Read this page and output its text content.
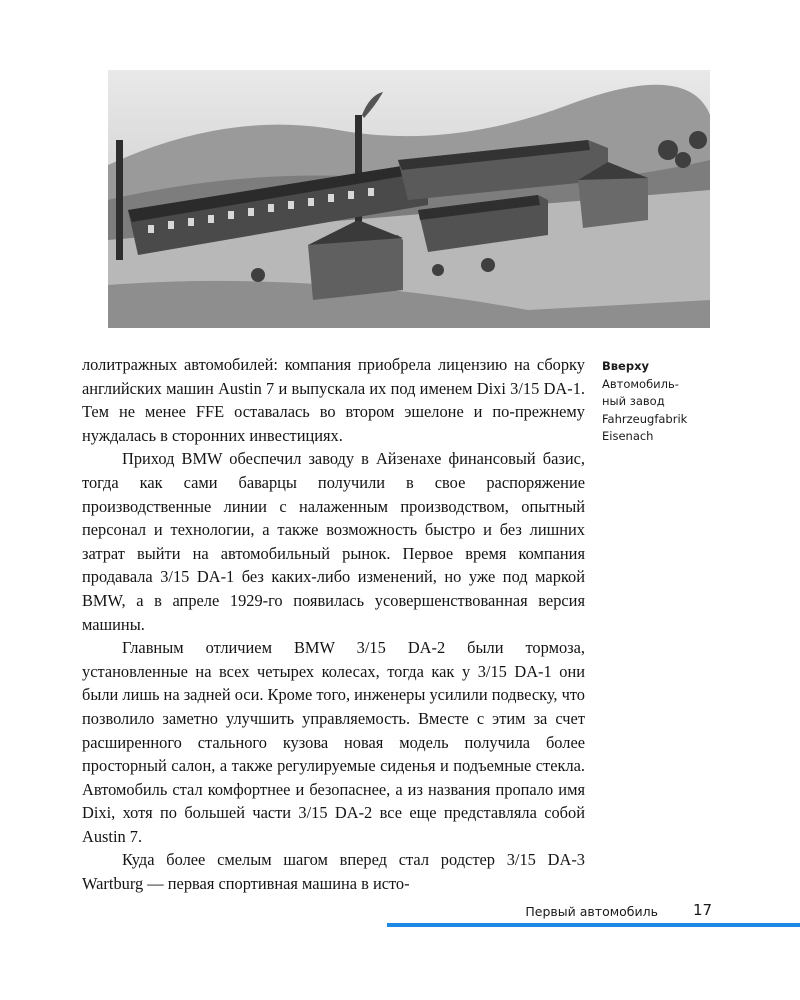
лолитражных автомобилей: компания приобрела лицензию на сборку английских машин Austin 7 и выпускала их под именем Dixi 3/15 DA-1. Тем не менее FFE оставалась во втором эшелоне и по-прежнему нуждалась в сторонних инвестициях.

Приход BMW обеспечил заводу в Айзенахе финансовый базис, тогда как сами баварцы получили в свое распоряжение производственные линии с налаженным производством, опытный персонал и технологии, а также возможность быстро и без лишних затрат выйти на автомобильный рынок. Первое время компания продавала 3/15 DA-1 без каких-либо изменений, но уже под маркой BMW, а в апреле 1929-го появилась усовершенствованная версия машины.

Главным отличием BMW 3/15 DA-2 были тормоза, установленные на всех четырех колесах, тогда как у 3/15 DA-1 они были лишь на задней оси. Кроме того, инженеры усилили подвеску, что позволило заметно улучшить управляемость. Вместе с этим за счет расширенного стального кузова новая модель получила более просторный салон, а также регулируемые сиденья и подъемные стекла. Автомобиль стал комфортнее и безопаснее, а из названия пропало имя Dixi, хотя по большей части 3/15 DA-2 все еще представляла собой Austin 7.

Куда более смелым шагом вперед стал родстер 3/15 DA-3 Wartburg — первая спортивная машина в исто-

Вверху
Автомобиль-
ный завод
Fahrzeugfabrik
Eisenach
Первый автомобиль 17
